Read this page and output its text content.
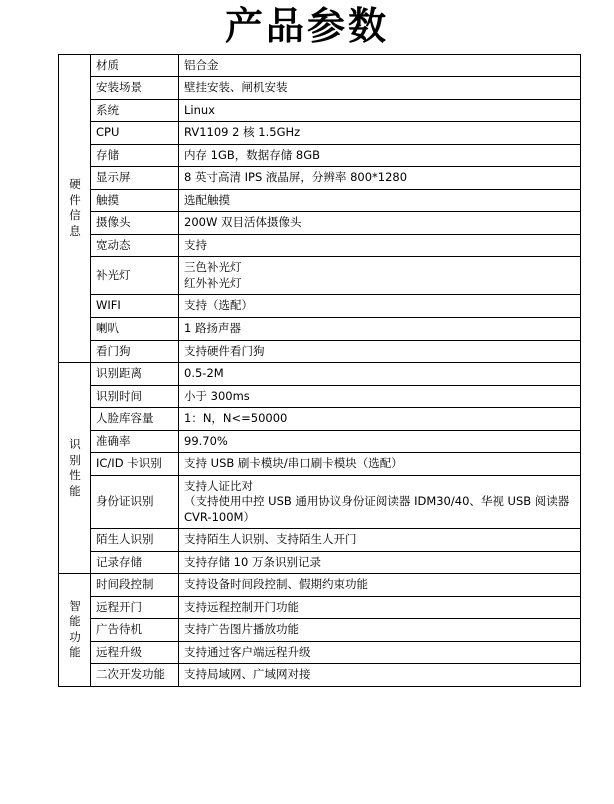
产品参数
硬
件
信
息	材质	铝合金

	安装场景	壁挂安装、闸机安装

	系统	Linux

	CPU	RV1109 2 核 1.5GHz

	存储	内存 1GB，数据存储 8GB

	显示屏	8 英寸高清 IPS 液晶屏，分辨率 800*1280

	触摸	选配触摸

	摄像头	200W 双目活体摄像头

	宽动态	支持

	补光灯	三色补光灯
红外补光灯

	WIFI	支持（选配）

	喇叭	1 路扬声器

	看门狗	支持硬件看门狗

识
别
性
能	识别距离	0.5-2M

	识别时间	小于 300ms

	人脸库容量	1：N，N<=50000

	准确率	99.70%

	IC/ID 卡识别	支持 USB 刷卡模块/串口刷卡模块（选配）

	身份证识别	支持人证比对
（支持使用中控 USB 通用协议身份证阅读器 IDM30/40、华视 USB 阅读器
CVR-100M）

	陌生人识别	支持陌生人识别、支持陌生人开门

	记录存储	支持存储 10 万条识别记录

智
能
功
能	时间段控制	支持设备时间段控制、假期约束功能

	远程开门	支持远程控制开门功能

	广告待机	支持广告图片播放功能

	远程升级	支持通过客户端远程升级

	二次开发功能	支持局域网、广域网对接
